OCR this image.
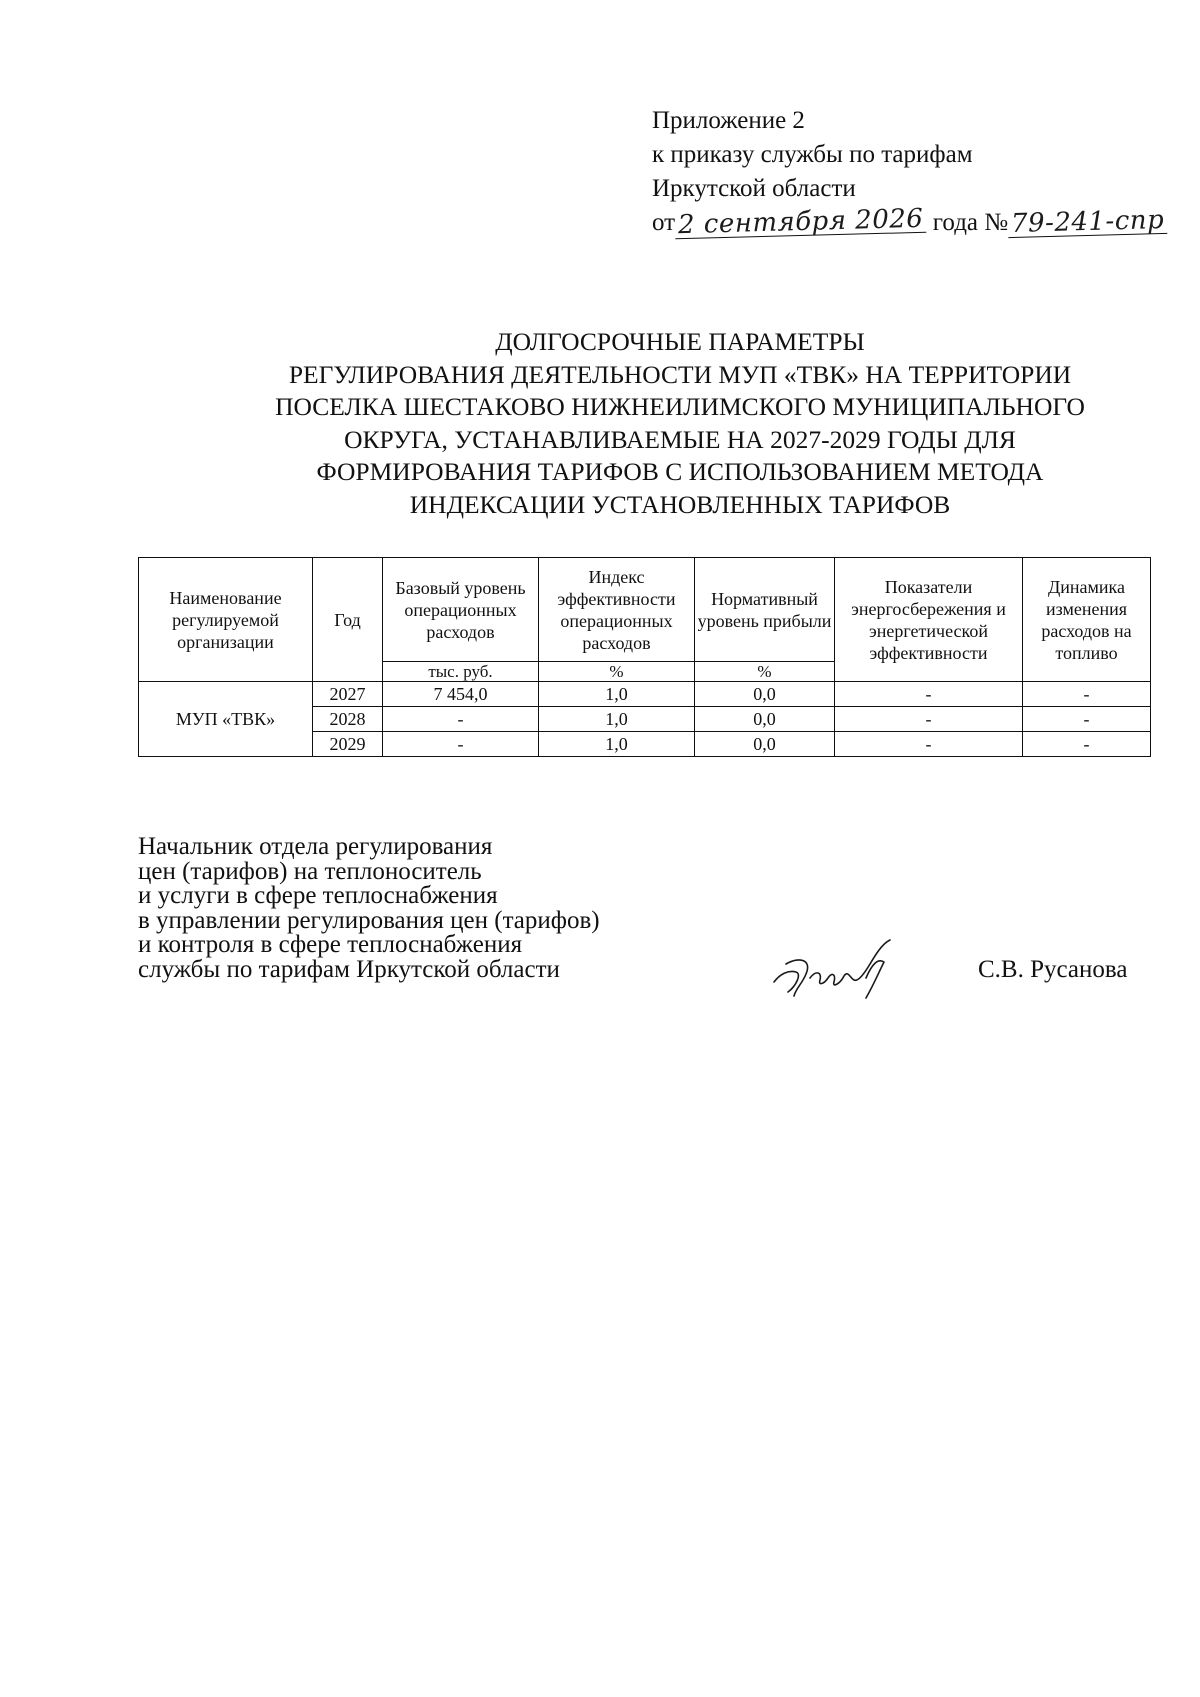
Приложение 2
к приказу службы по тарифам
Иркутской области
от 2 сентября 2026 года № 79-241-спр
ДОЛГОСРОЧНЫЕ ПАРАМЕТРЫ
РЕГУЛИРОВАНИЯ ДЕЯТЕЛЬНОСТИ МУП «ТВК» НА ТЕРРИТОРИИ
ПОСЕЛКА ШЕСТАКОВО НИЖНЕИЛИМСКОГО МУНИЦИПАЛЬНОГО
ОКРУГА, УСТАНАВЛИВАЕМЫЕ НА 2027-2029 ГОДЫ ДЛЯ
ФОРМИРОВАНИЯ ТАРИФОВ С ИСПОЛЬЗОВАНИЕМ МЕТОДА
ИНДЕКСАЦИИ УСТАНОВЛЕННЫХ ТАРИФОВ
Наименование регулируемой организации	Год	Базовый уровень операционных расходов	Индекс эффективности операционных расходов	Нормативный уровень прибыли	Показатели энергосбережения и энергетической эффективности	Динамика изменения расходов на топливо
		тыс. руб.	%	%		
МУП «ТВК»	2027	7 454,0	1,0	0,0	-	-
	2028	-	1,0	0,0	-	-
	2029	-	1,0	0,0	-	-
Начальник отдела регулирования
цен (тарифов) на теплоноситель
и услуги в сфере теплоснабжения
в управлении регулирования цен (тарифов)
и контроля в сфере теплоснабжения
службы по тарифам Иркутской области	С.В. Русанова
